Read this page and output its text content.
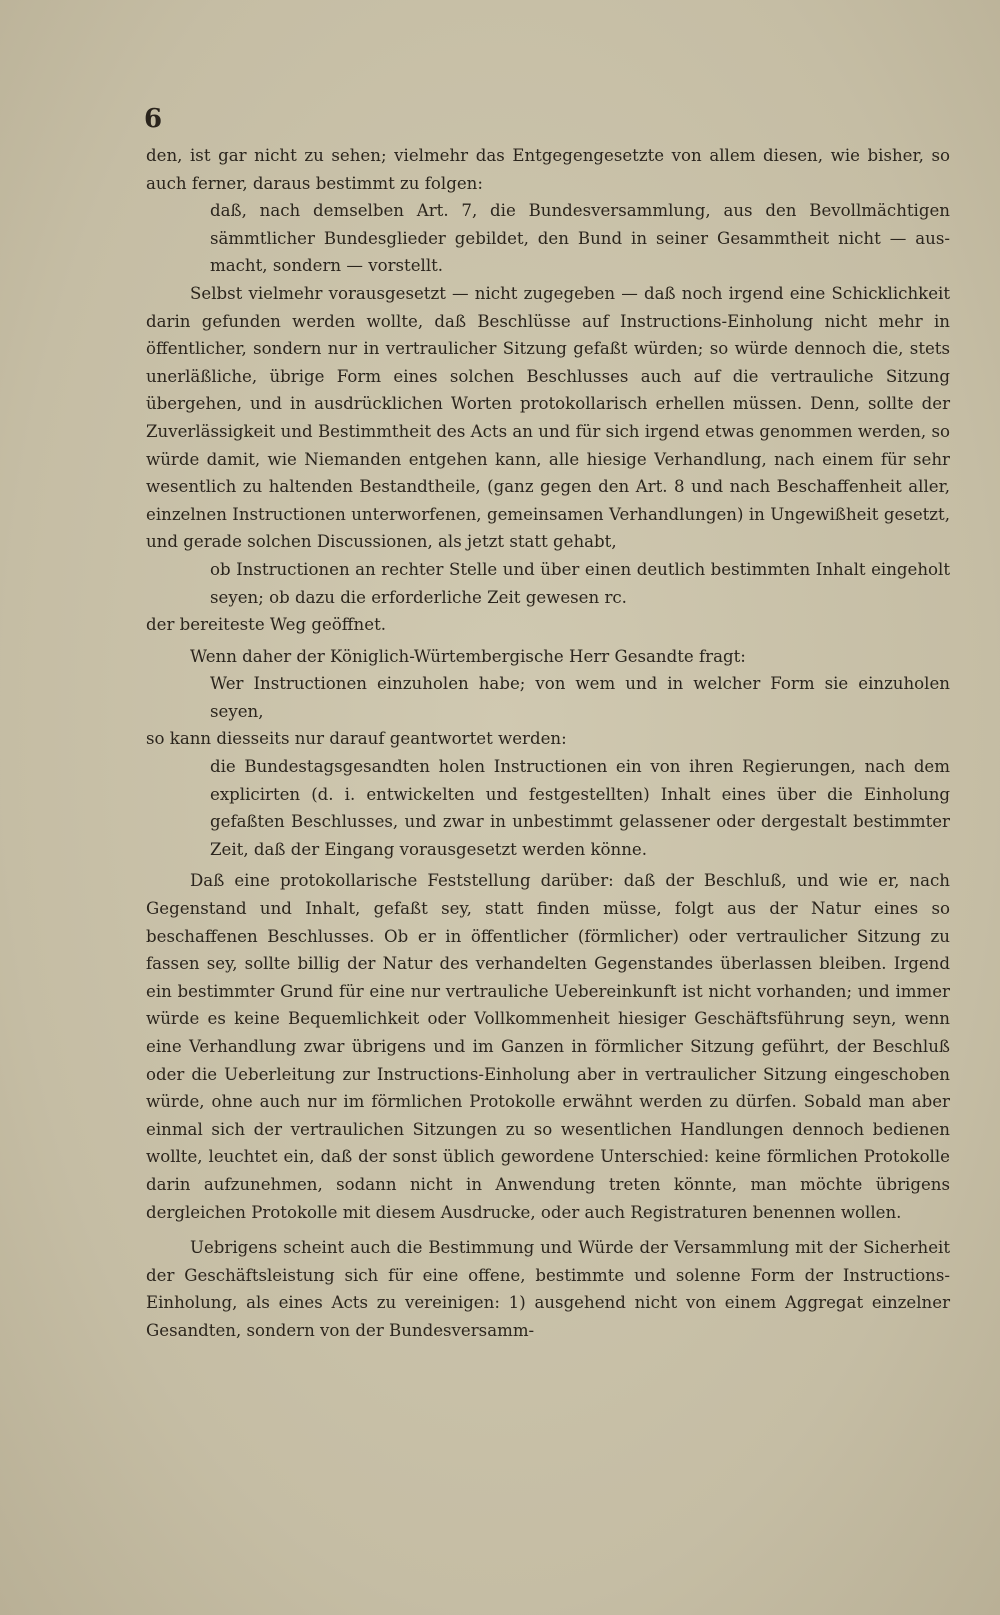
6

den, ist gar nicht zu sehen; vielmehr das Entgegengesetzte von allem diesen, wie bisher, so auch ferner, daraus bestimmt zu folgen:

daß, nach demselben Art. 7, die Bundesversammlung, aus den Bevollmächtigen sämmtlicher Bundesglieder gebildet, den Bund in seiner Gesammtheit nicht — aus-macht, sondern — vorstellt.

Selbst vielmehr vorausgesetzt — nicht zugegeben — daß noch irgend eine Schicklichkeit darin gefunden werden wollte, daß Beschlüsse auf Instructions-Einholung nicht mehr in öffentlicher, sondern nur in vertraulicher Sitzung gefaßt würden; so würde dennoch die, stets unerläßliche, übrige Form eines solchen Beschlusses auch auf die vertrauliche Sitzung übergehen, und in ausdrücklichen Worten protokollarisch erhellen müssen. Denn, sollte der Zuverlässigkeit und Bestimmtheit des Acts an und für sich irgend etwas genommen werden, so würde damit, wie Niemanden entgehen kann, alle hiesige Verhandlung, nach einem für sehr wesentlich zu haltenden Bestandtheile, (ganz gegen den Art. 8 und nach Beschaffenheit aller, einzelnen Instructionen unterworfenen, gemeinsamen Verhandlungen) in Ungewißheit gesetzt, und gerade solchen Discussionen, als jetzt statt gehabt,

ob Instructionen an rechter Stelle und über einen deutlich bestimmten Inhalt eingeholt seyen; ob dazu die erforderliche Zeit gewesen rc.

der bereiteste Weg geöffnet.

Wenn daher der Königlich-Würtembergische Herr Gesandte fragt:

Wer Instructionen einzuholen habe; von wem und in welcher Form sie einzuholen seyen,

so kann diesseits nur darauf geantwortet werden:

die Bundestagsgesandten holen Instructionen ein von ihren Regierungen, nach dem explicirten (d. i. entwickelten und festgestellten) Inhalt eines über die Einholung gefaßten Beschlusses, und zwar in unbestimmt gelassener oder dergestalt bestimmter Zeit, daß der Eingang vorausgesetzt werden könne.

Daß eine protokollarische Feststellung darüber: daß der Beschluß, und wie er, nach Gegenstand und Inhalt, gefaßt sey, statt finden müsse, folgt aus der Natur eines so beschaffenen Beschlusses. Ob er in öffentlicher (förmlicher) oder vertraulicher Sitzung zu fassen sey, sollte billig der Natur des verhandelten Gegenstandes überlassen bleiben. Irgend ein bestimmter Grund für eine nur vertrauliche Uebereinkunft ist nicht vorhanden; und immer würde es keine Bequemlichkeit oder Vollkommenheit hiesiger Geschäftsführung seyn, wenn eine Verhandlung zwar übrigens und im Ganzen in förmlicher Sitzung geführt, der Beschluß oder die Ueberleitung zur Instructions-Einholung aber in vertraulicher Sitzung eingeschoben würde, ohne auch nur im förmlichen Protokolle erwähnt werden zu dürfen. Sobald man aber einmal sich der vertraulichen Sitzungen zu so wesentlichen Handlungen dennoch bedienen wollte, leuchtet ein, daß der sonst üblich gewordene Unterschied: keine förmlichen Protokolle darin aufzunehmen, sodann nicht in Anwendung treten könnte, man möchte übrigens dergleichen Protokolle mit diesem Ausdrucke, oder auch Registraturen benennen wollen.

Uebrigens scheint auch die Bestimmung und Würde der Versammlung mit der Sicherheit der Geschäftsleistung sich für eine offene, bestimmte und solenne Form der Instructions-Einholung, als eines Acts zu vereinigen: 1) ausgehend nicht von einem Aggregat einzelner Gesandten, sondern von der Bundesversamm-
